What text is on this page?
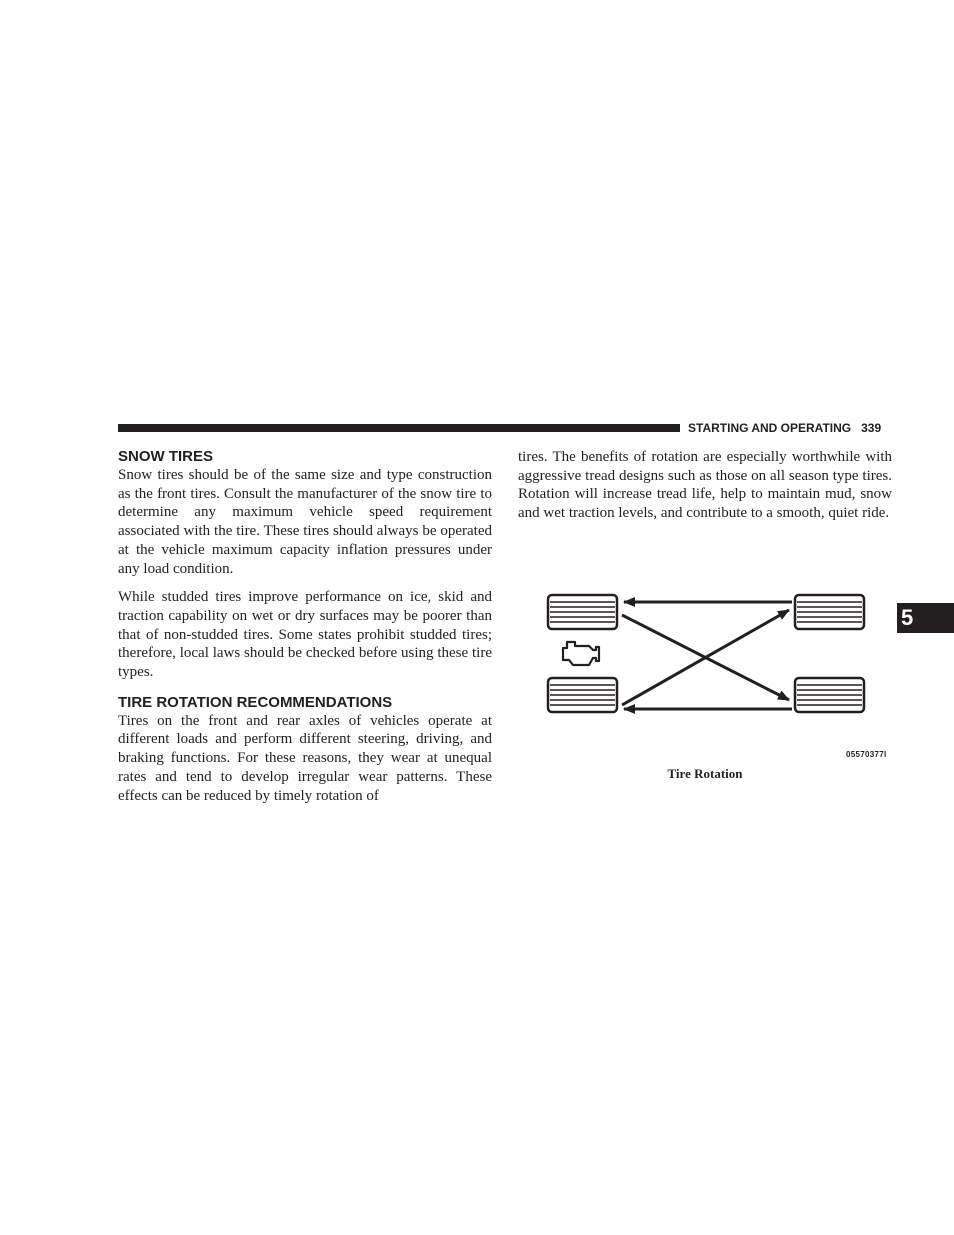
STARTING AND OPERATING 339
SNOW TIRES

Snow tires should be of the same size and type construction as the front tires. Consult the manufacturer of the snow tire to determine any maximum vehicle speed requirement associated with the tire. These tires should always be operated at the vehicle maximum capacity inflation pressures under any load condition.

While studded tires improve performance on ice, skid and traction capability on wet or dry surfaces may be poorer than that of non-studded tires. Some states prohibit studded tires; therefore, local laws should be checked before using these tire types.

TIRE ROTATION RECOMMENDATIONS

Tires on the front and rear axles of vehicles operate at different loads and perform different steering, driving, and braking functions. For these reasons, they wear at unequal rates and tend to develop irregular wear patterns. These effects can be reduced by timely rotation of

tires. The benefits of rotation are especially worthwhile with aggressive tread designs such as those on all season type tires. Rotation will increase tread life, help to maintain mud, snow and wet traction levels, and contribute to a smooth, quiet ride.

5
05570377l
Tire Rotation
